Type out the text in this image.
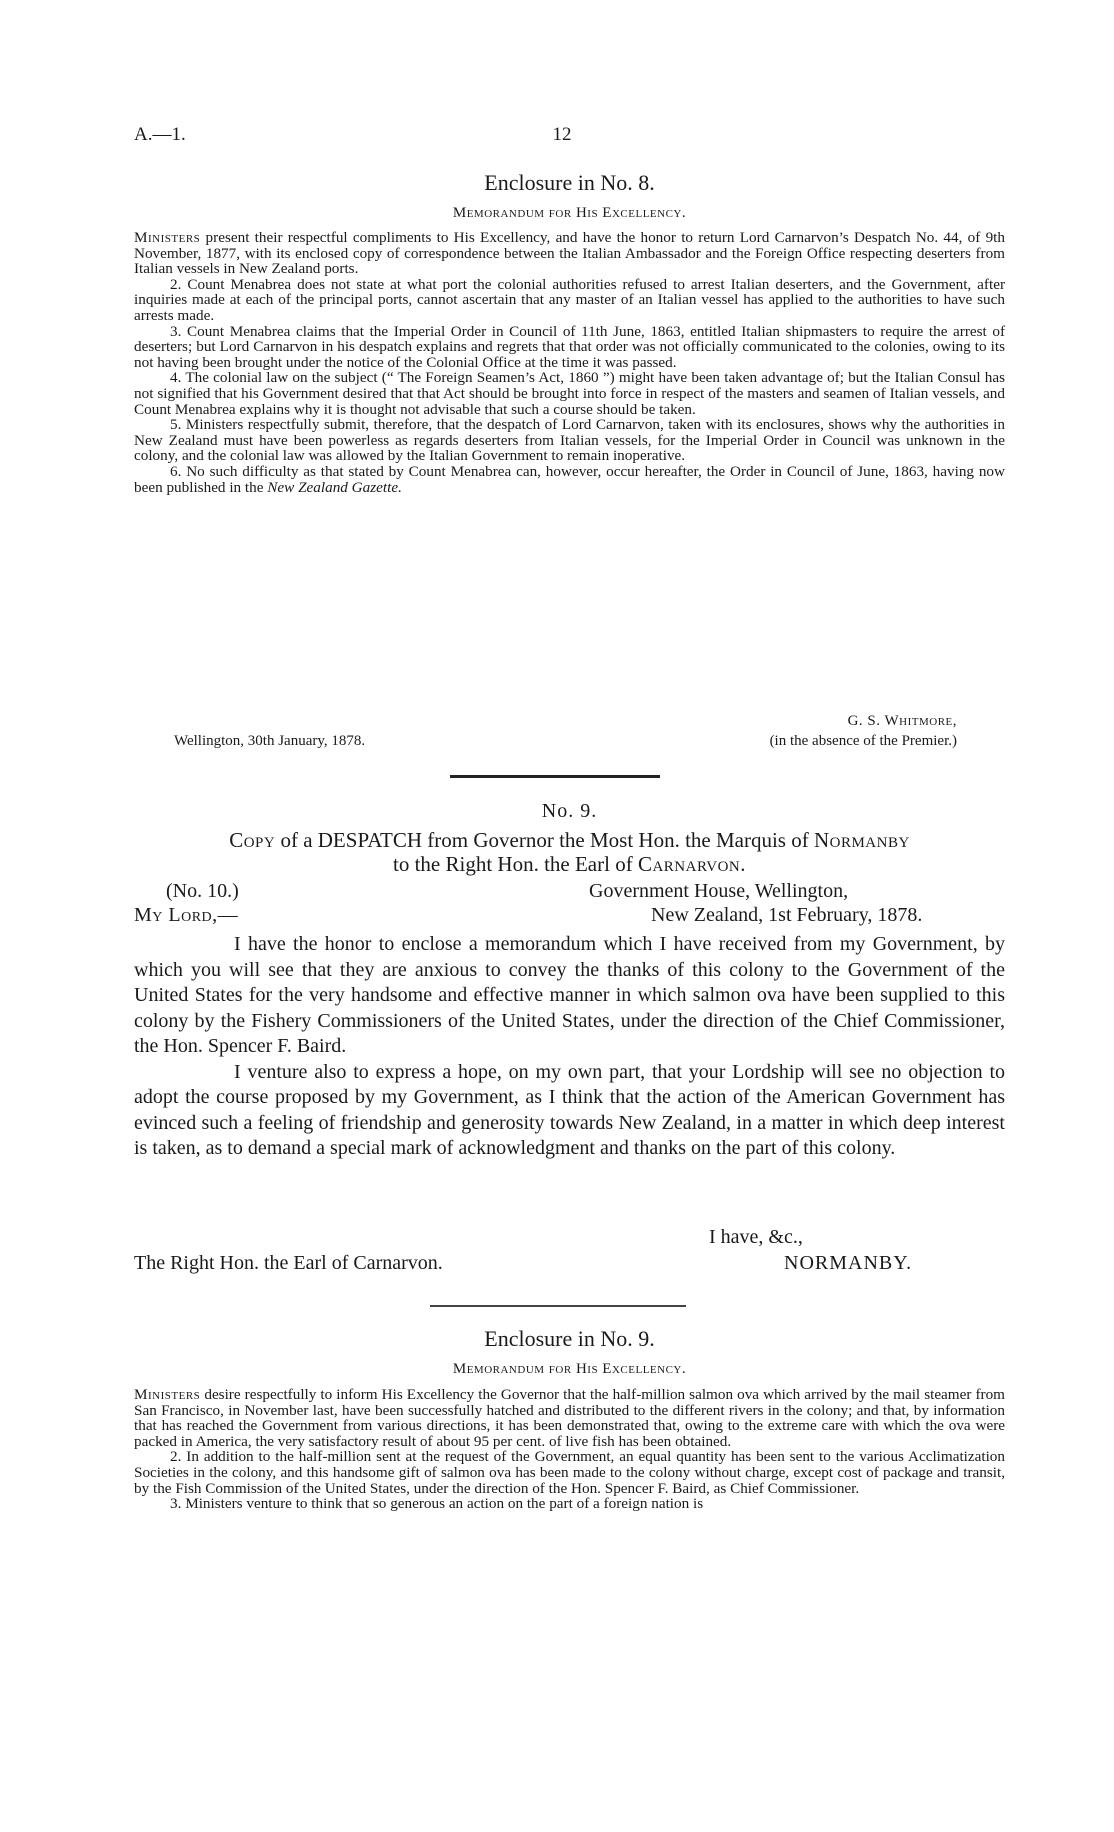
A.—1.	12
Enclosure in No. 8.
Memorandum for His Excellency.

Ministers present their respectful compliments to His Excellency, and have the honor to return Lord Carnarvon’s Despatch No. 44, of 9th November, 1877, with its enclosed copy of correspondence between the Italian Ambassador and the Foreign Office respecting deserters from Italian vessels in New Zealand ports.

2. Count Menabrea does not state at what port the colonial authorities refused to arrest Italian deserters, and the Government, after inquiries made at each of the principal ports, cannot ascertain that any master of an Italian vessel has applied to the authorities to have such arrests made.

3. Count Menabrea claims that the Imperial Order in Council of 11th June, 1863, entitled Italian shipmasters to require the arrest of deserters; but Lord Carnarvon in his despatch explains and regrets that that order was not officially communicated to the colonies, owing to its not having been brought under the notice of the Colonial Office at the time it was passed.

4. The colonial law on the subject (“ The Foreign Seamen’s Act, 1860 ”) might have been taken advantage of; but the Italian Consul has not signified that his Government desired that that Act should be brought into force in respect of the masters and seamen of Italian vessels, and Count Menabrea explains why it is thought not advisable that such a course should be taken.

5. Ministers respectfully submit, therefore, that the despatch of Lord Carnarvon, taken with its enclosures, shows why the authorities in New Zealand must have been powerless as regards deserters from Italian vessels, for the Imperial Order in Council was unknown in the colony, and the colonial law was allowed by the Italian Government to remain inoperative.

6. No such difficulty as that stated by Count Menabrea can, however, occur hereafter, the Order in Council of June, 1863, having now been published in the New Zealand Gazette.

G. S. Whitmore,
Wellington, 30th January, 1878.	(in the absence of the Premier.)
No. 9.
Copy of a DESPATCH from Governor the Most Hon. the Marquis of Normanby
to the Right Hon. the Earl of Carnarvon.
(No. 10.)
My Lord,—
Government House, Wellington,
New Zealand, 1st February, 1878.

I have the honor to enclose a memorandum which I have received from my Government, by which you will see that they are anxious to convey the thanks of this colony to the Government of the United States for the very handsome and effective manner in which salmon ova have been supplied to this colony by the Fishery Commissioners of the United States, under the direction of the Chief Commissioner, the Hon. Spencer F. Baird.

I venture also to express a hope, on my own part, that your Lordship will see no objection to adopt the course proposed by my Government, as I think that the action of the American Government has evinced such a feeling of friendship and generosity towards New Zealand, in a matter in which deep interest is taken, as to demand a special mark of acknowledgment and thanks on the part of this colony.

I have, &c.,
The Right Hon. the Earl of Carnarvon.	NORMANBY.
Enclosure in No. 9.
Memorandum for His Excellency.

Ministers desire respectfully to inform His Excellency the Governor that the half-million salmon ova which arrived by the mail steamer from San Francisco, in November last, have been successfully hatched and distributed to the different rivers in the colony; and that, by information that has reached the Government from various directions, it has been demonstrated that, owing to the extreme care with which the ova were packed in America, the very satisfactory result of about 95 per cent. of live fish has been obtained.

2. In addition to the half-million sent at the request of the Government, an equal quantity has been sent to the various Acclimatization Societies in the colony, and this handsome gift of salmon ova has been made to the colony without charge, except cost of package and transit, by the Fish Commission of the United States, under the direction of the Hon. Spencer F. Baird, as Chief Commissioner.

3. Ministers venture to think that so generous an action on the part of a foreign nation is
